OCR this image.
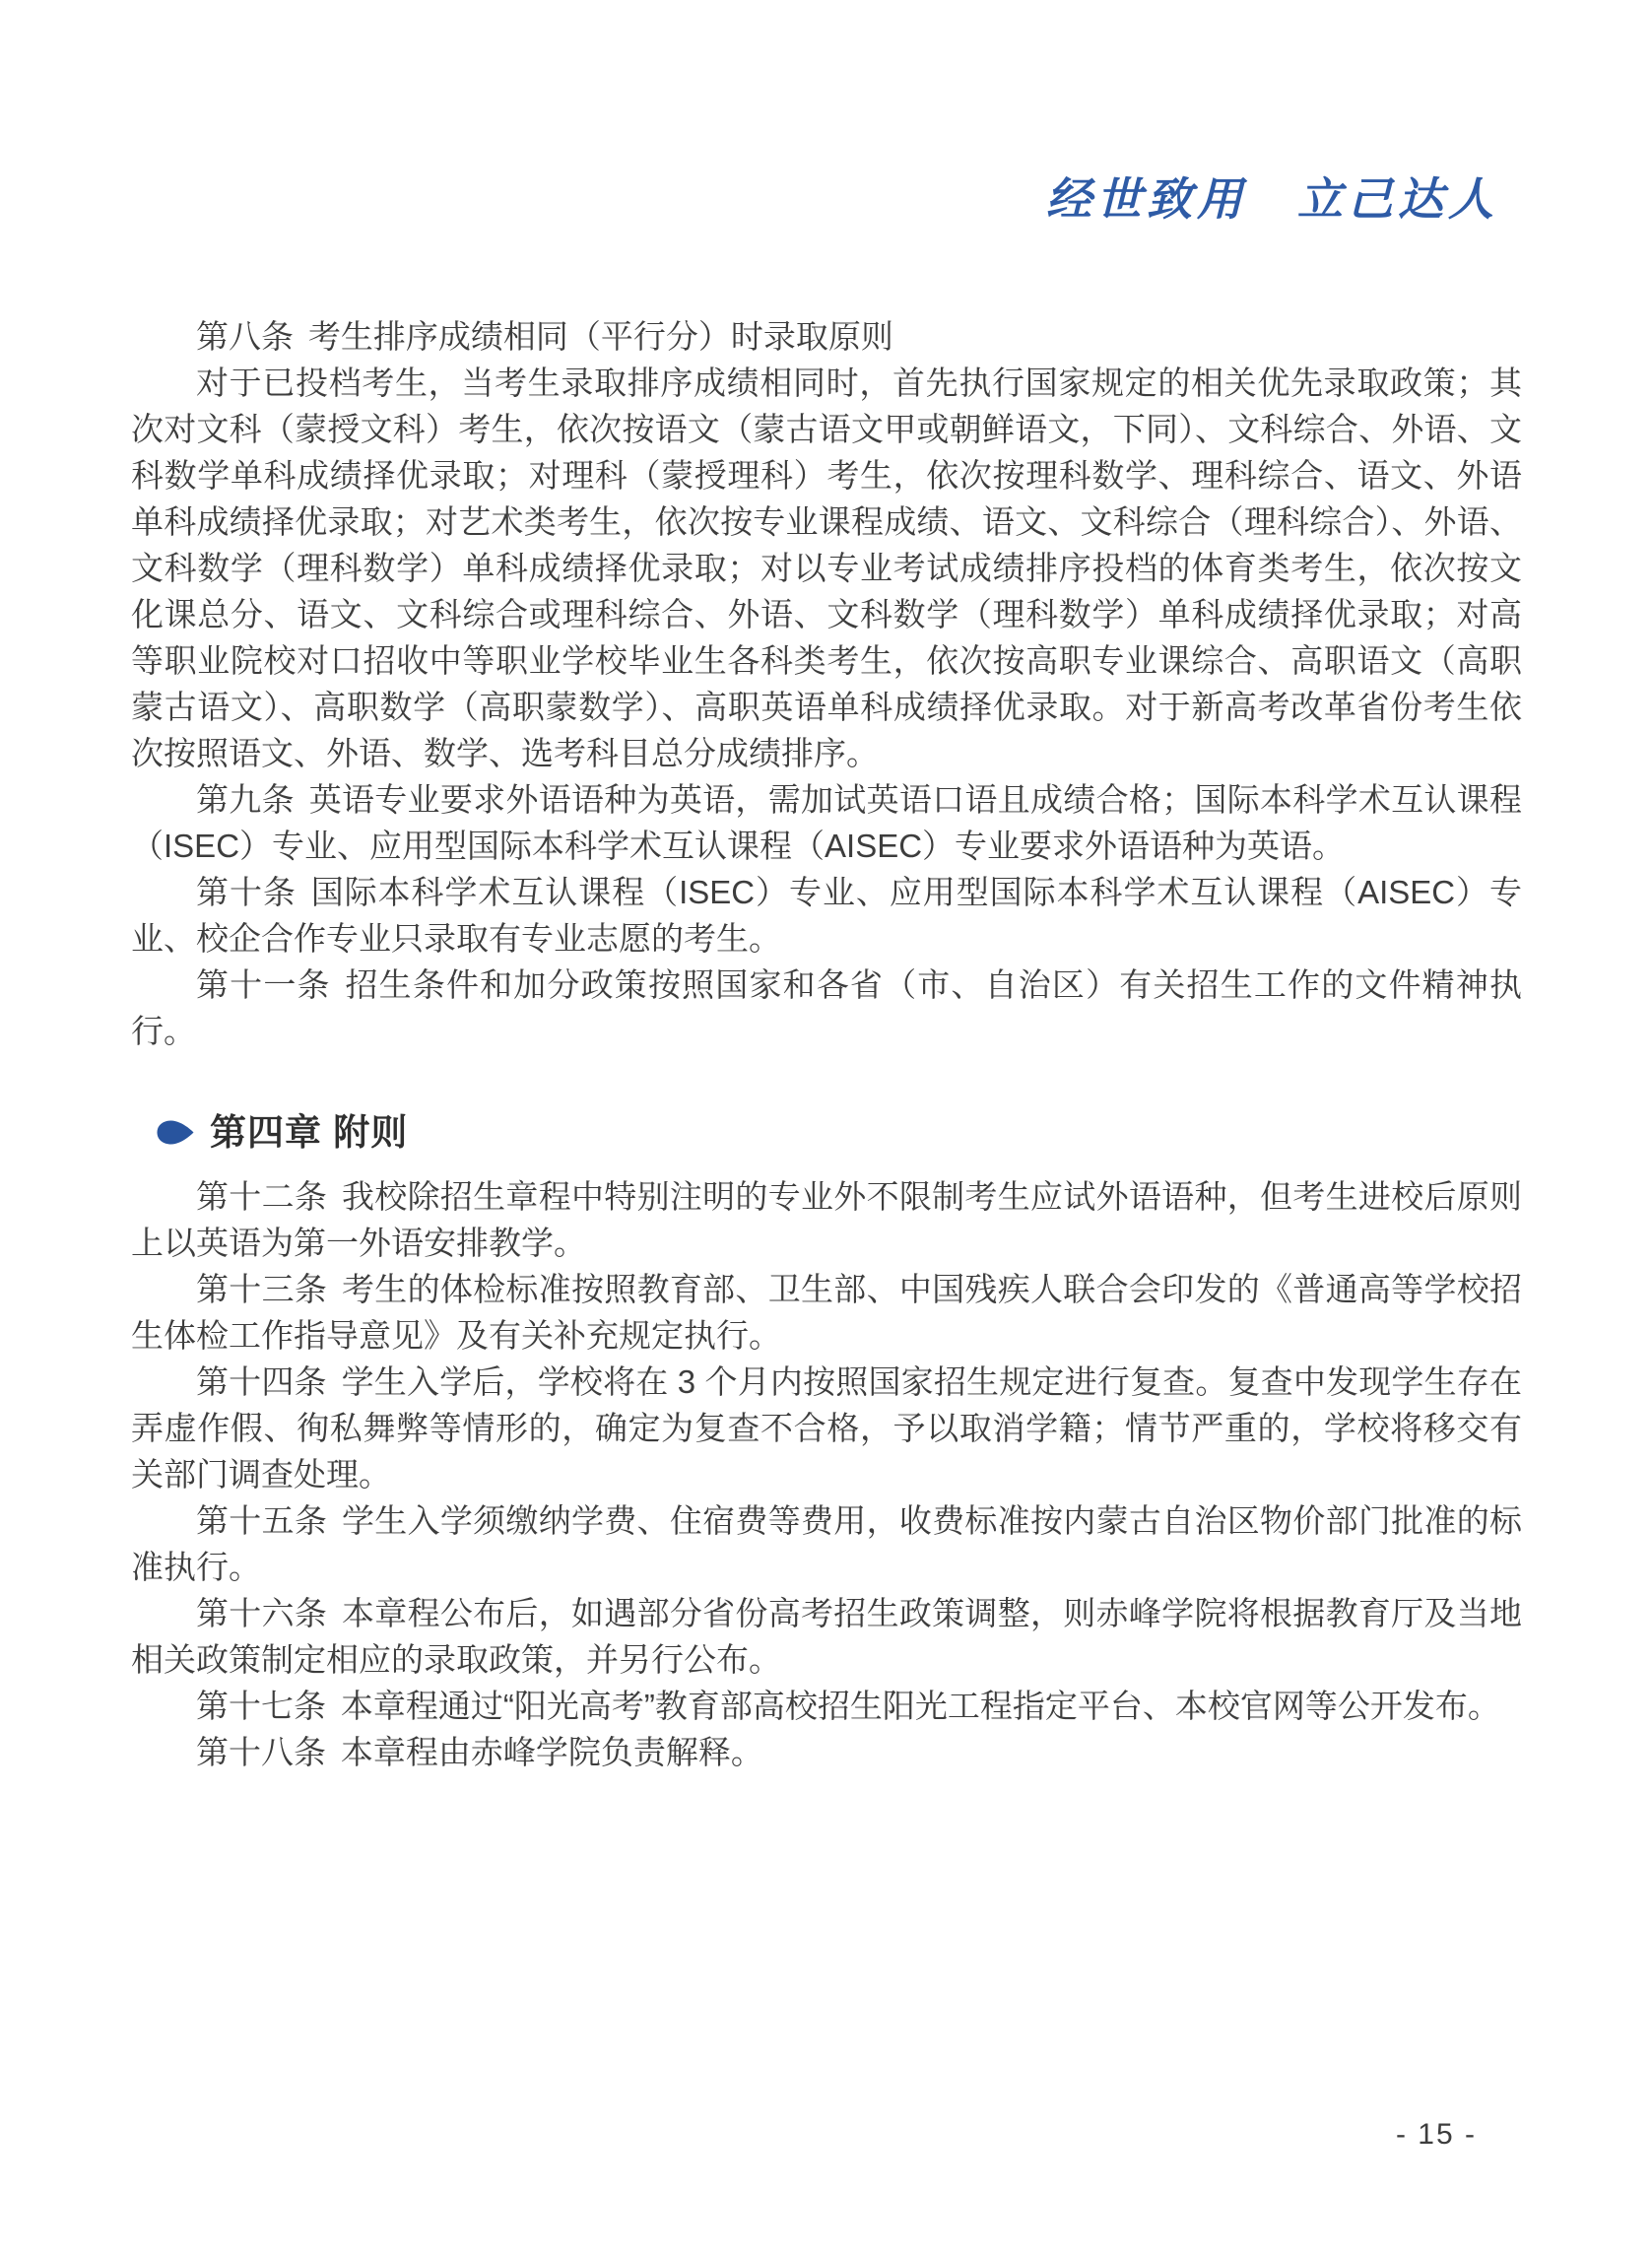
经世致用　立己达人

第八条 考生排序成绩相同（平行分）时录取原则

对于已投档考生，当考生录取排序成绩相同时，首先执行国家规定的相关优先录取政策；其次对文科（蒙授文科）考生，依次按语文（蒙古语文甲或朝鲜语文，下同）、文科综合、外语、文科数学单科成绩择优录取；对理科（蒙授理科）考生，依次按理科数学、理科综合、语文、外语单科成绩择优录取；对艺术类考生，依次按专业课程成绩、语文、文科综合（理科综合）、外语、文科数学（理科数学）单科成绩择优录取；对以专业考试成绩排序投档的体育类考生，依次按文化课总分、语文、文科综合或理科综合、外语、文科数学（理科数学）单科成绩择优录取；对高等职业院校对口招收中等职业学校毕业生各科类考生，依次按高职专业课综合、高职语文（高职蒙古语文）、高职数学（高职蒙数学）、高职英语单科成绩择优录取。对于新高考改革省份考生依次按照语文、外语、数学、选考科目总分成绩排序。

第九条 英语专业要求外语语种为英语，需加试英语口语且成绩合格；国际本科学术互认课程（ISEC）专业、应用型国际本科学术互认课程（AISEC）专业要求外语语种为英语。

第十条 国际本科学术互认课程（ISEC）专业、应用型国际本科学术互认课程（AISEC）专业、校企合作专业只录取有专业志愿的考生。

第十一条 招生条件和加分政策按照国家和各省（市、自治区）有关招生工作的文件精神执行。

第四章 附则

第十二条 我校除招生章程中特别注明的专业外不限制考生应试外语语种，但考生进校后原则上以英语为第一外语安排教学。

第十三条 考生的体检标准按照教育部、卫生部、中国残疾人联合会印发的《普通高等学校招生体检工作指导意见》及有关补充规定执行。

第十四条 学生入学后，学校将在 3 个月内按照国家招生规定进行复查。复查中发现学生存在弄虚作假、徇私舞弊等情形的，确定为复查不合格，予以取消学籍；情节严重的，学校将移交有关部门调查处理。

第十五条 学生入学须缴纳学费、住宿费等费用，收费标准按内蒙古自治区物价部门批准的标准执行。

第十六条 本章程公布后，如遇部分省份高考招生政策调整，则赤峰学院将根据教育厅及当地相关政策制定相应的录取政策，并另行公布。

第十七条 本章程通过“阳光高考”教育部高校招生阳光工程指定平台、本校官网等公开发布。

第十八条 本章程由赤峰学院负责解释。

- 15 -
